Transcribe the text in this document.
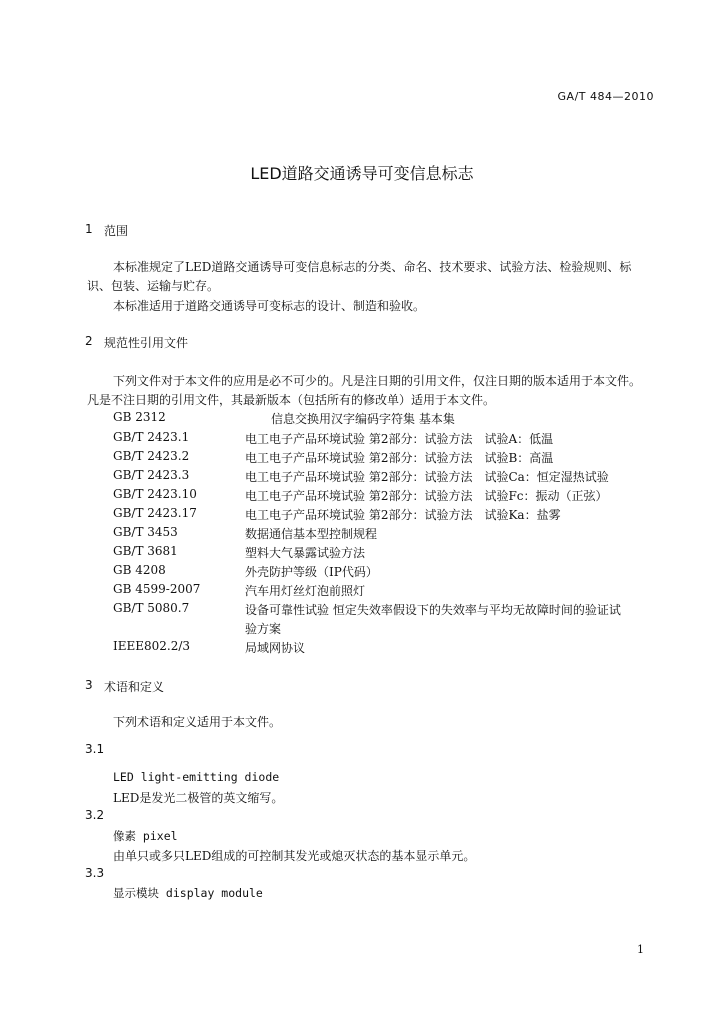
GA/T 484—2010
LED道路交通诱导可变信息标志
1 范围
本标准规定了LED道路交通诱导可变信息标志的分类、命名、技术要求、试验方法、检验规则、标
识、包装、运输与贮存。
本标准适用于道路交通诱导可变标志的设计、制造和验收。
2 规范性引用文件
下列文件对于本文件的应用是必不可少的。凡是注日期的引用文件，仅注日期的版本适用于本文件。
凡是不注日期的引用文件，其最新版本（包括所有的修改单）适用于本文件。
GB 2312	信息交换用汉字编码字符集 基本集
GB/T 2423.1	电工电子产品环境试验 第2部分：试验方法　试验A：低温
GB/T 2423.2	电工电子产品环境试验 第2部分：试验方法　试验B：高温
GB/T 2423.3	电工电子产品环境试验 第2部分：试验方法　试验Ca：恒定湿热试验
GB/T 2423.10	电工电子产品环境试验 第2部分：试验方法　试验Fc：振动（正弦）
GB/T 2423.17	电工电子产品环境试验 第2部分：试验方法　试验Ka：盐雾
GB/T 3453	数据通信基本型控制规程
GB/T 3681	塑料大气暴露试验方法
GB 4208	外壳防护等级（IP代码）
GB 4599-2007	汽车用灯丝灯泡前照灯
GB/T 5080.7	设备可靠性试验 恒定失效率假设下的失效率与平均无故障时间的验证试
验方案
IEEE802.2/3	局域网协议
3 术语和定义
下列术语和定义适用于本文件。
3.1
LED light-emitting diode
LED是发光二极管的英文缩写。
3.2
像素 pixel
由单只或多只LED组成的可控制其发光或熄灭状态的基本显示单元。
3.3
显示模块 display module
1
